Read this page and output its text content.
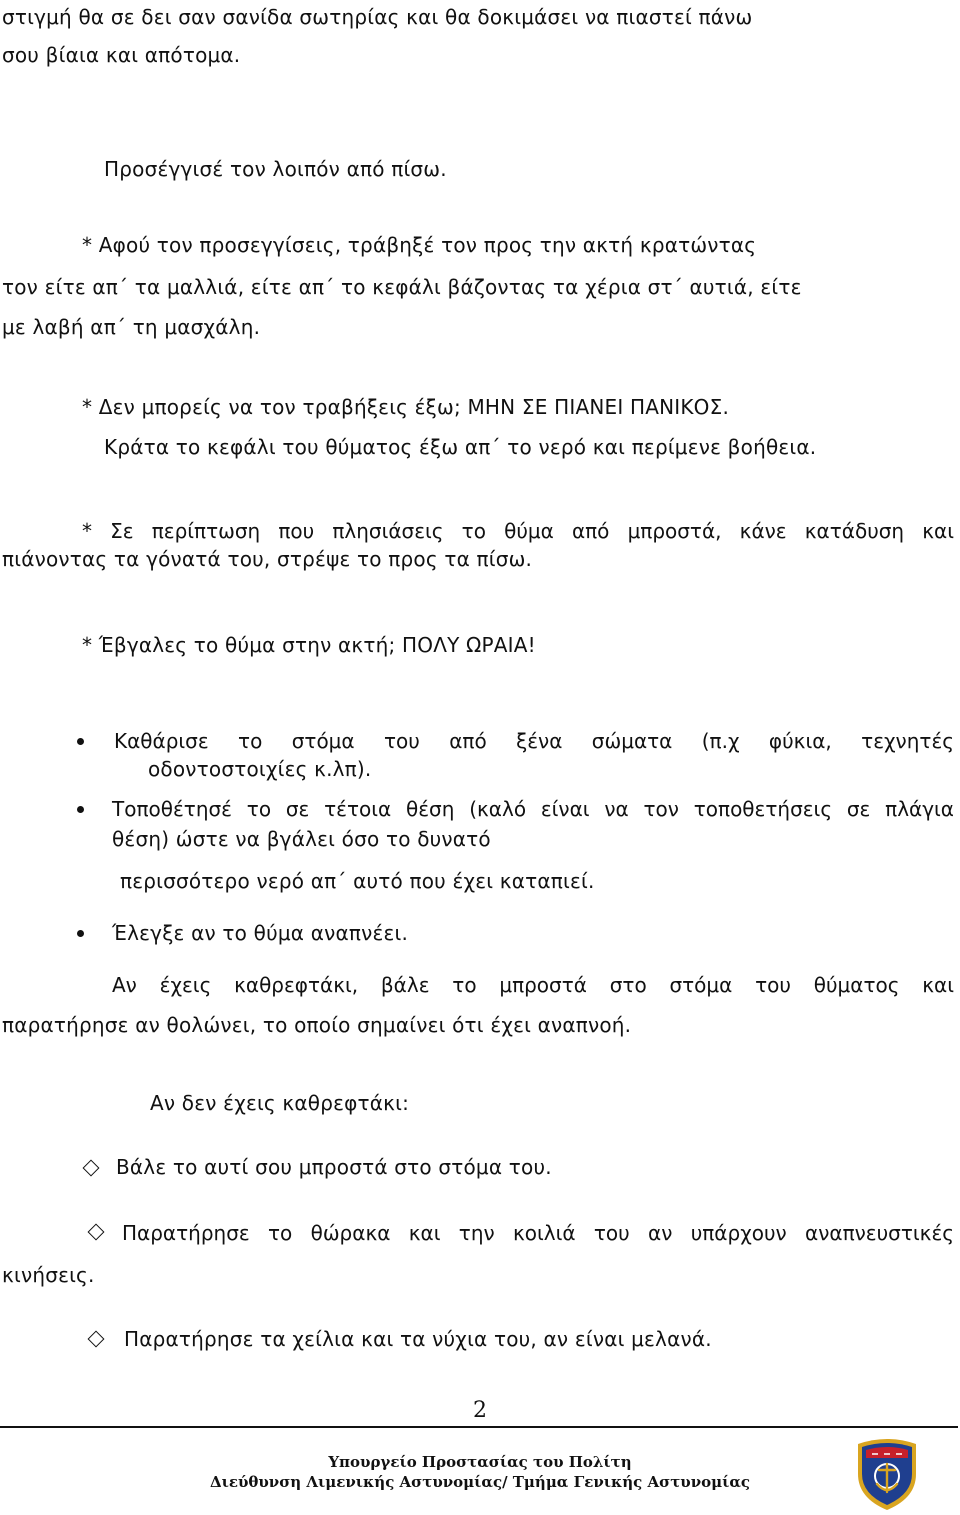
στιγμή θα σε δει σαν σανίδα σωτηρίας και θα δοκιμάσει να πιαστεί πάνω
σου βίαια και απότομα.
Προσέγγισέ τον λοιπόν από πίσω.
* Αφού τον προσεγγίσεις, τράβηξέ τον προς την ακτή κρατώντας
τον είτε απ΄ τα μαλλιά, είτε απ΄ το κεφάλι βάζοντας τα χέρια στ΄ αυτιά, είτε
με λαβή απ΄ τη μασχάλη.
* Δεν μπορείς να τον τραβήξεις έξω; ΜΗΝ ΣΕ ΠΙΑΝΕΙ ΠΑΝΙΚΟΣ.
Κράτα το κεφάλι του θύματος έξω απ΄ το νερό και περίμενε βοήθεια.
* Σε περίπτωση που πλησιάσεις το θύμα από μπροστά, κάνε κατάδυση και
πιάνοντας τα γόνατά του, στρέψε το προς τα πίσω.
* Έβγαλες το θύμα στην ακτή; ΠΟΛΥ ΩΡΑΙΑ!
Καθάρισε το στόμα του από ξένα σώματα (π.χ φύκια, τεχνητές
οδοντοστοιχίες κ.λπ).
Τοποθέτησέ το σε τέτοια θέση (καλό είναι να τον τοποθετήσεις σε πλάγια
θέση) ώστε να βγάλει όσο το δυνατό
περισσότερο νερό απ΄ αυτό που έχει καταπιεί.
Έλεγξε αν το θύμα αναπνέει.
Αν έχεις καθρεφτάκι, βάλε το μπροστά στο στόμα του θύματος και
παρατήρησε αν θολώνει, το οποίο σημαίνει ότι έχει αναπνοή.
Αν δεν έχεις καθρεφτάκι:
Βάλε το αυτί σου μπροστά στο στόμα του.
Παρατήρησε το θώρακα και την κοιλιά του αν υπάρχουν αναπνευστικές
κινήσεις.
Παρατήρησε τα χείλια και τα νύχια του, αν είναι μελανά.
2
Υπουργείο Προστασίας του Πολίτη
Διεύθυνση Λιμενικής Αστυνομίας/ Τμήμα Γενικής Αστυνομίας
